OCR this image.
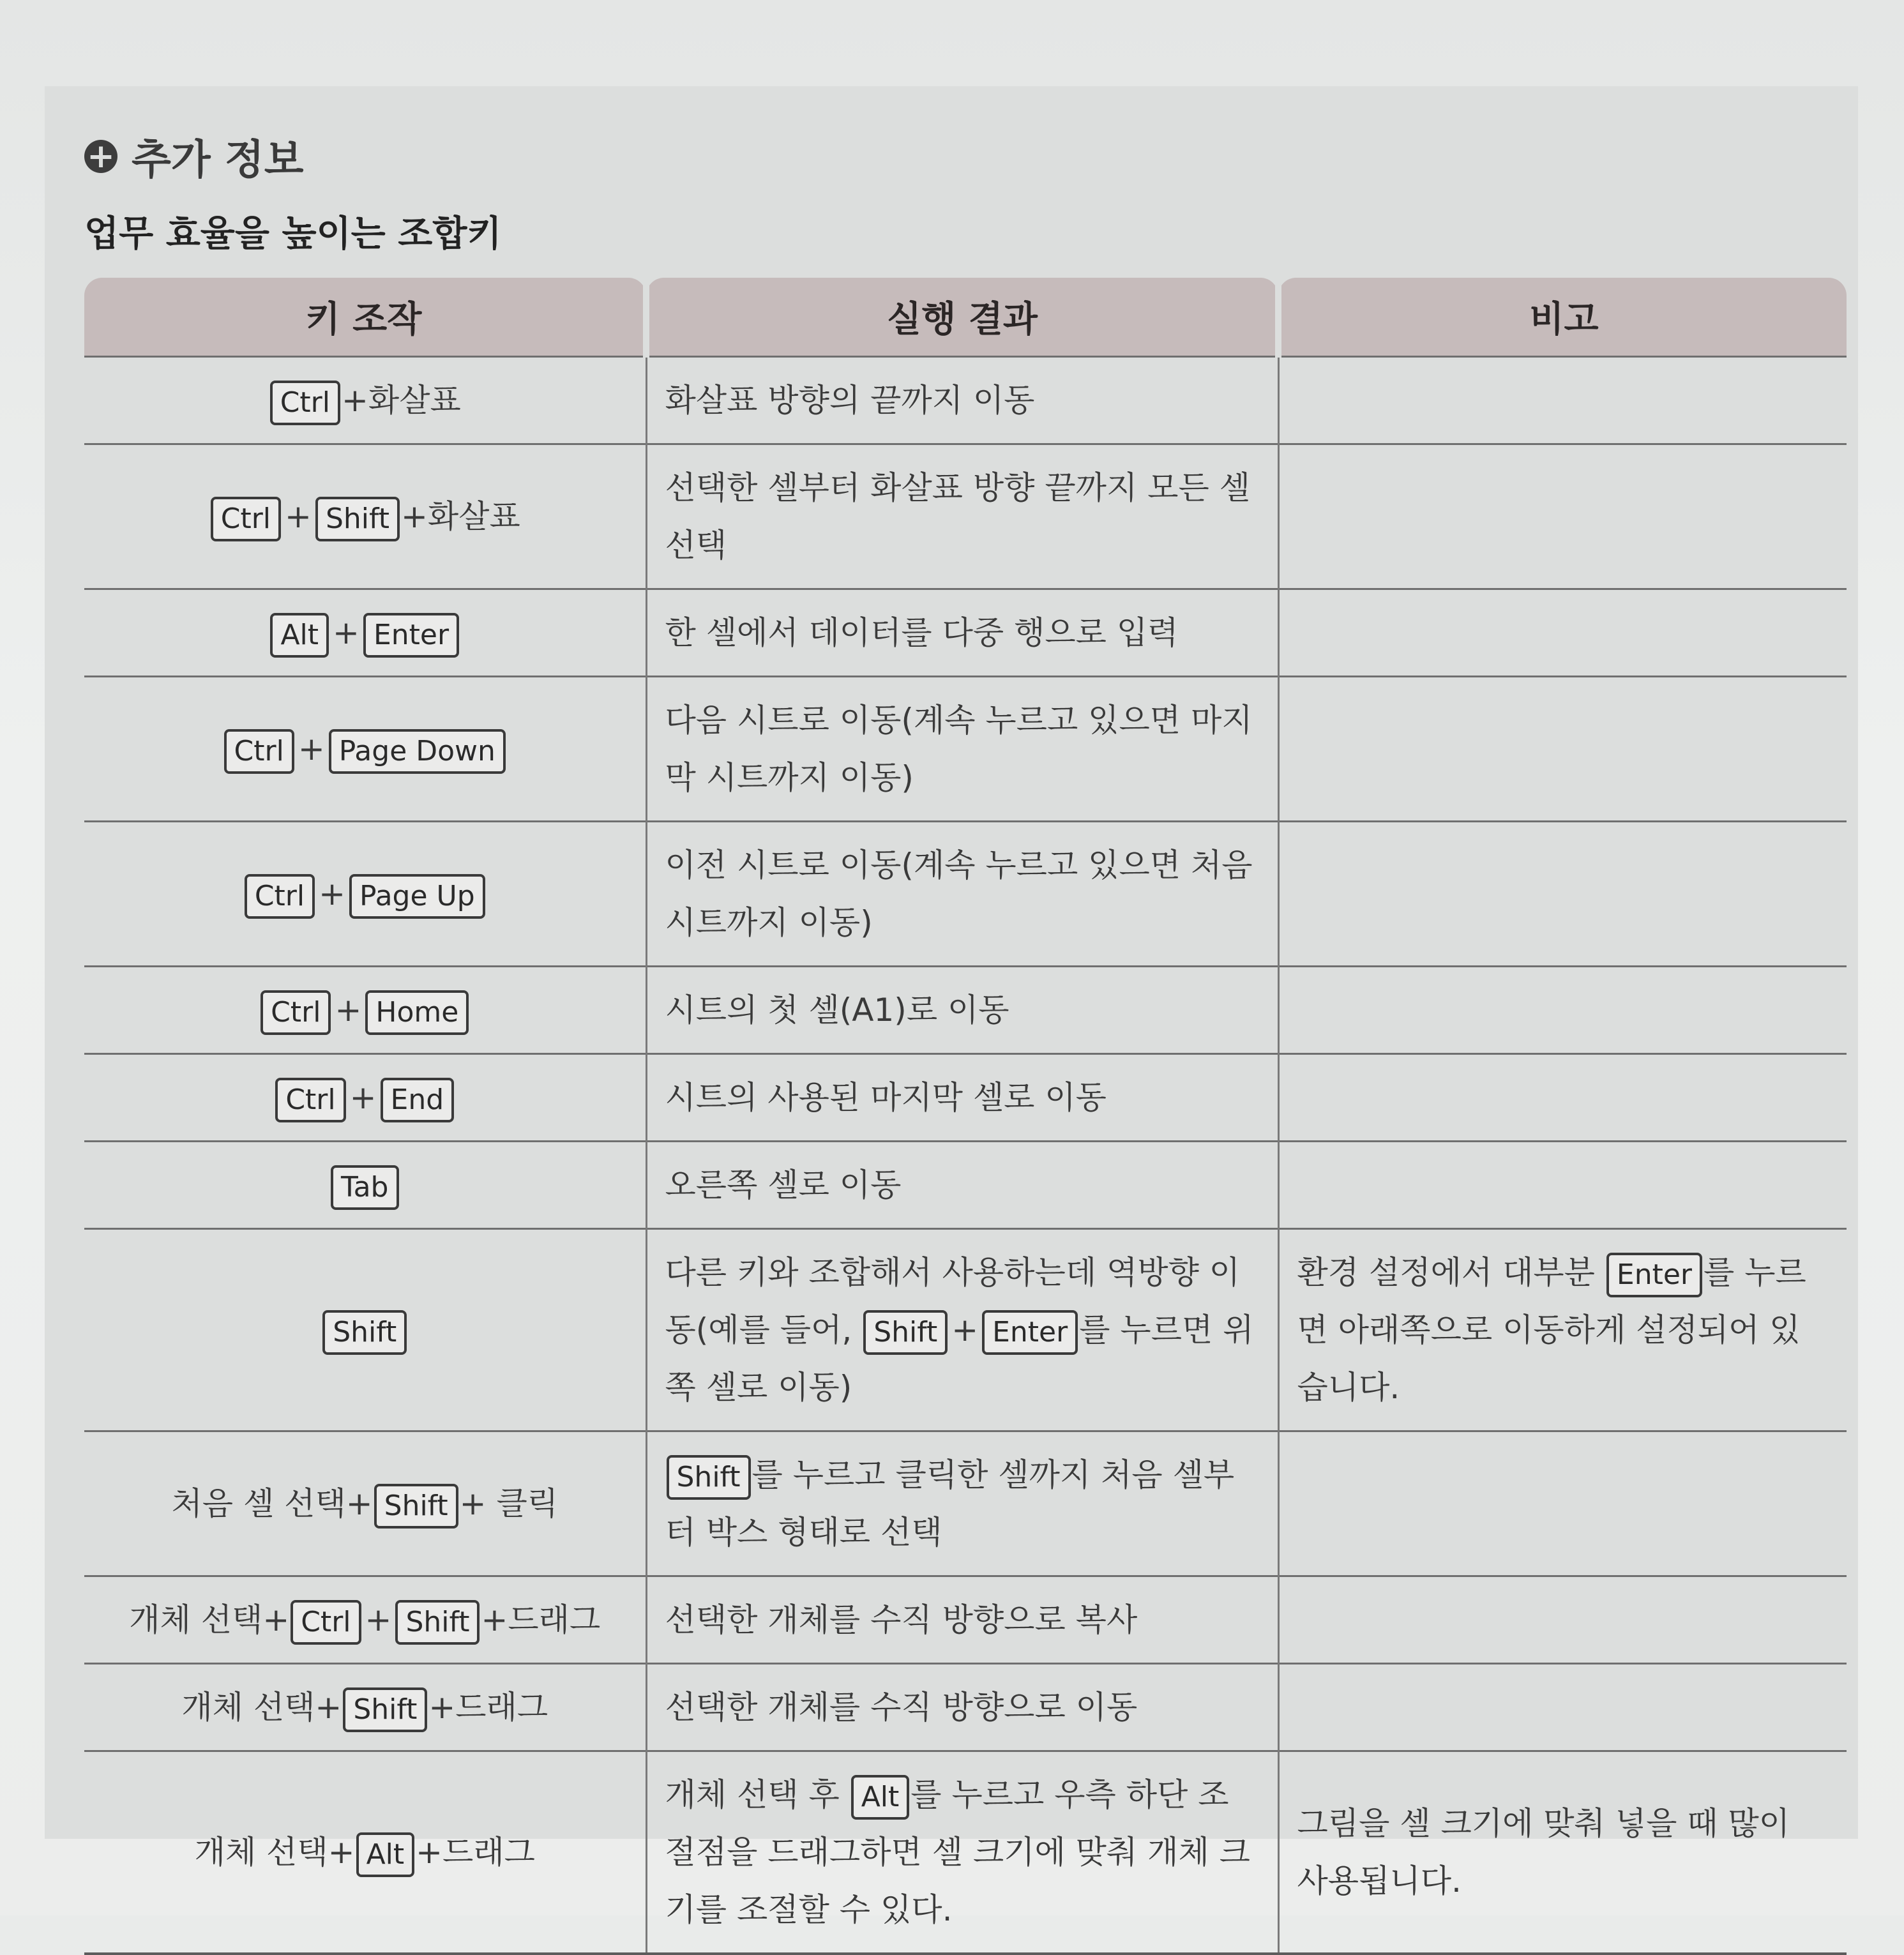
+ 추가 정보
업무 효율을 높이는 조합키
키 조작	실행 결과	비고
Ctrl +화살표	화살표 방향의 끝까지 이동	
Ctrl + Shift +화살표	선택한 셀부터 화살표 방향 끝까지 모든 셀 선택	
Alt + Enter	한 셀에서 데이터를 다중 행으로 입력	
Ctrl + Page Down	다음 시트로 이동(계속 누르고 있으면 마지막 시트까지 이동)	
Ctrl + Page Up	이전 시트로 이동(계속 누르고 있으면 처음 시트까지 이동)	
Ctrl + Home	시트의 첫 셀(A1)로 이동	
Ctrl + End	시트의 사용된 마지막 셀로 이동	
Tab	오른쪽 셀로 이동	
Shift	다른 키와 조합해서 사용하는데 역방향 이동(예를 들어, Shift + Enter 를 누르면 위쪽 셀로 이동)	환경 설정에서 대부분 Enter 를 누르면 아래쪽으로 이동하게 설정되어 있습니다.
처음 셀 선택+ Shift + 클릭	Shift 를 누르고 클릭한 셀까지 처음 셀부터 박스 형태로 선택	
개체 선택+ Ctrl + Shift +드래그	선택한 개체를 수직 방향으로 복사	
개체 선택+ Shift +드래그	선택한 개체를 수직 방향으로 이동	
개체 선택+ Alt +드래그	개체 선택 후 Alt 를 누르고 우측 하단 조절점을 드래그하면 셀 크기에 맞춰 개체 크기를 조절할 수 있다.	그림을 셀 크기에 맞춰 넣을 때 많이 사용됩니다.
